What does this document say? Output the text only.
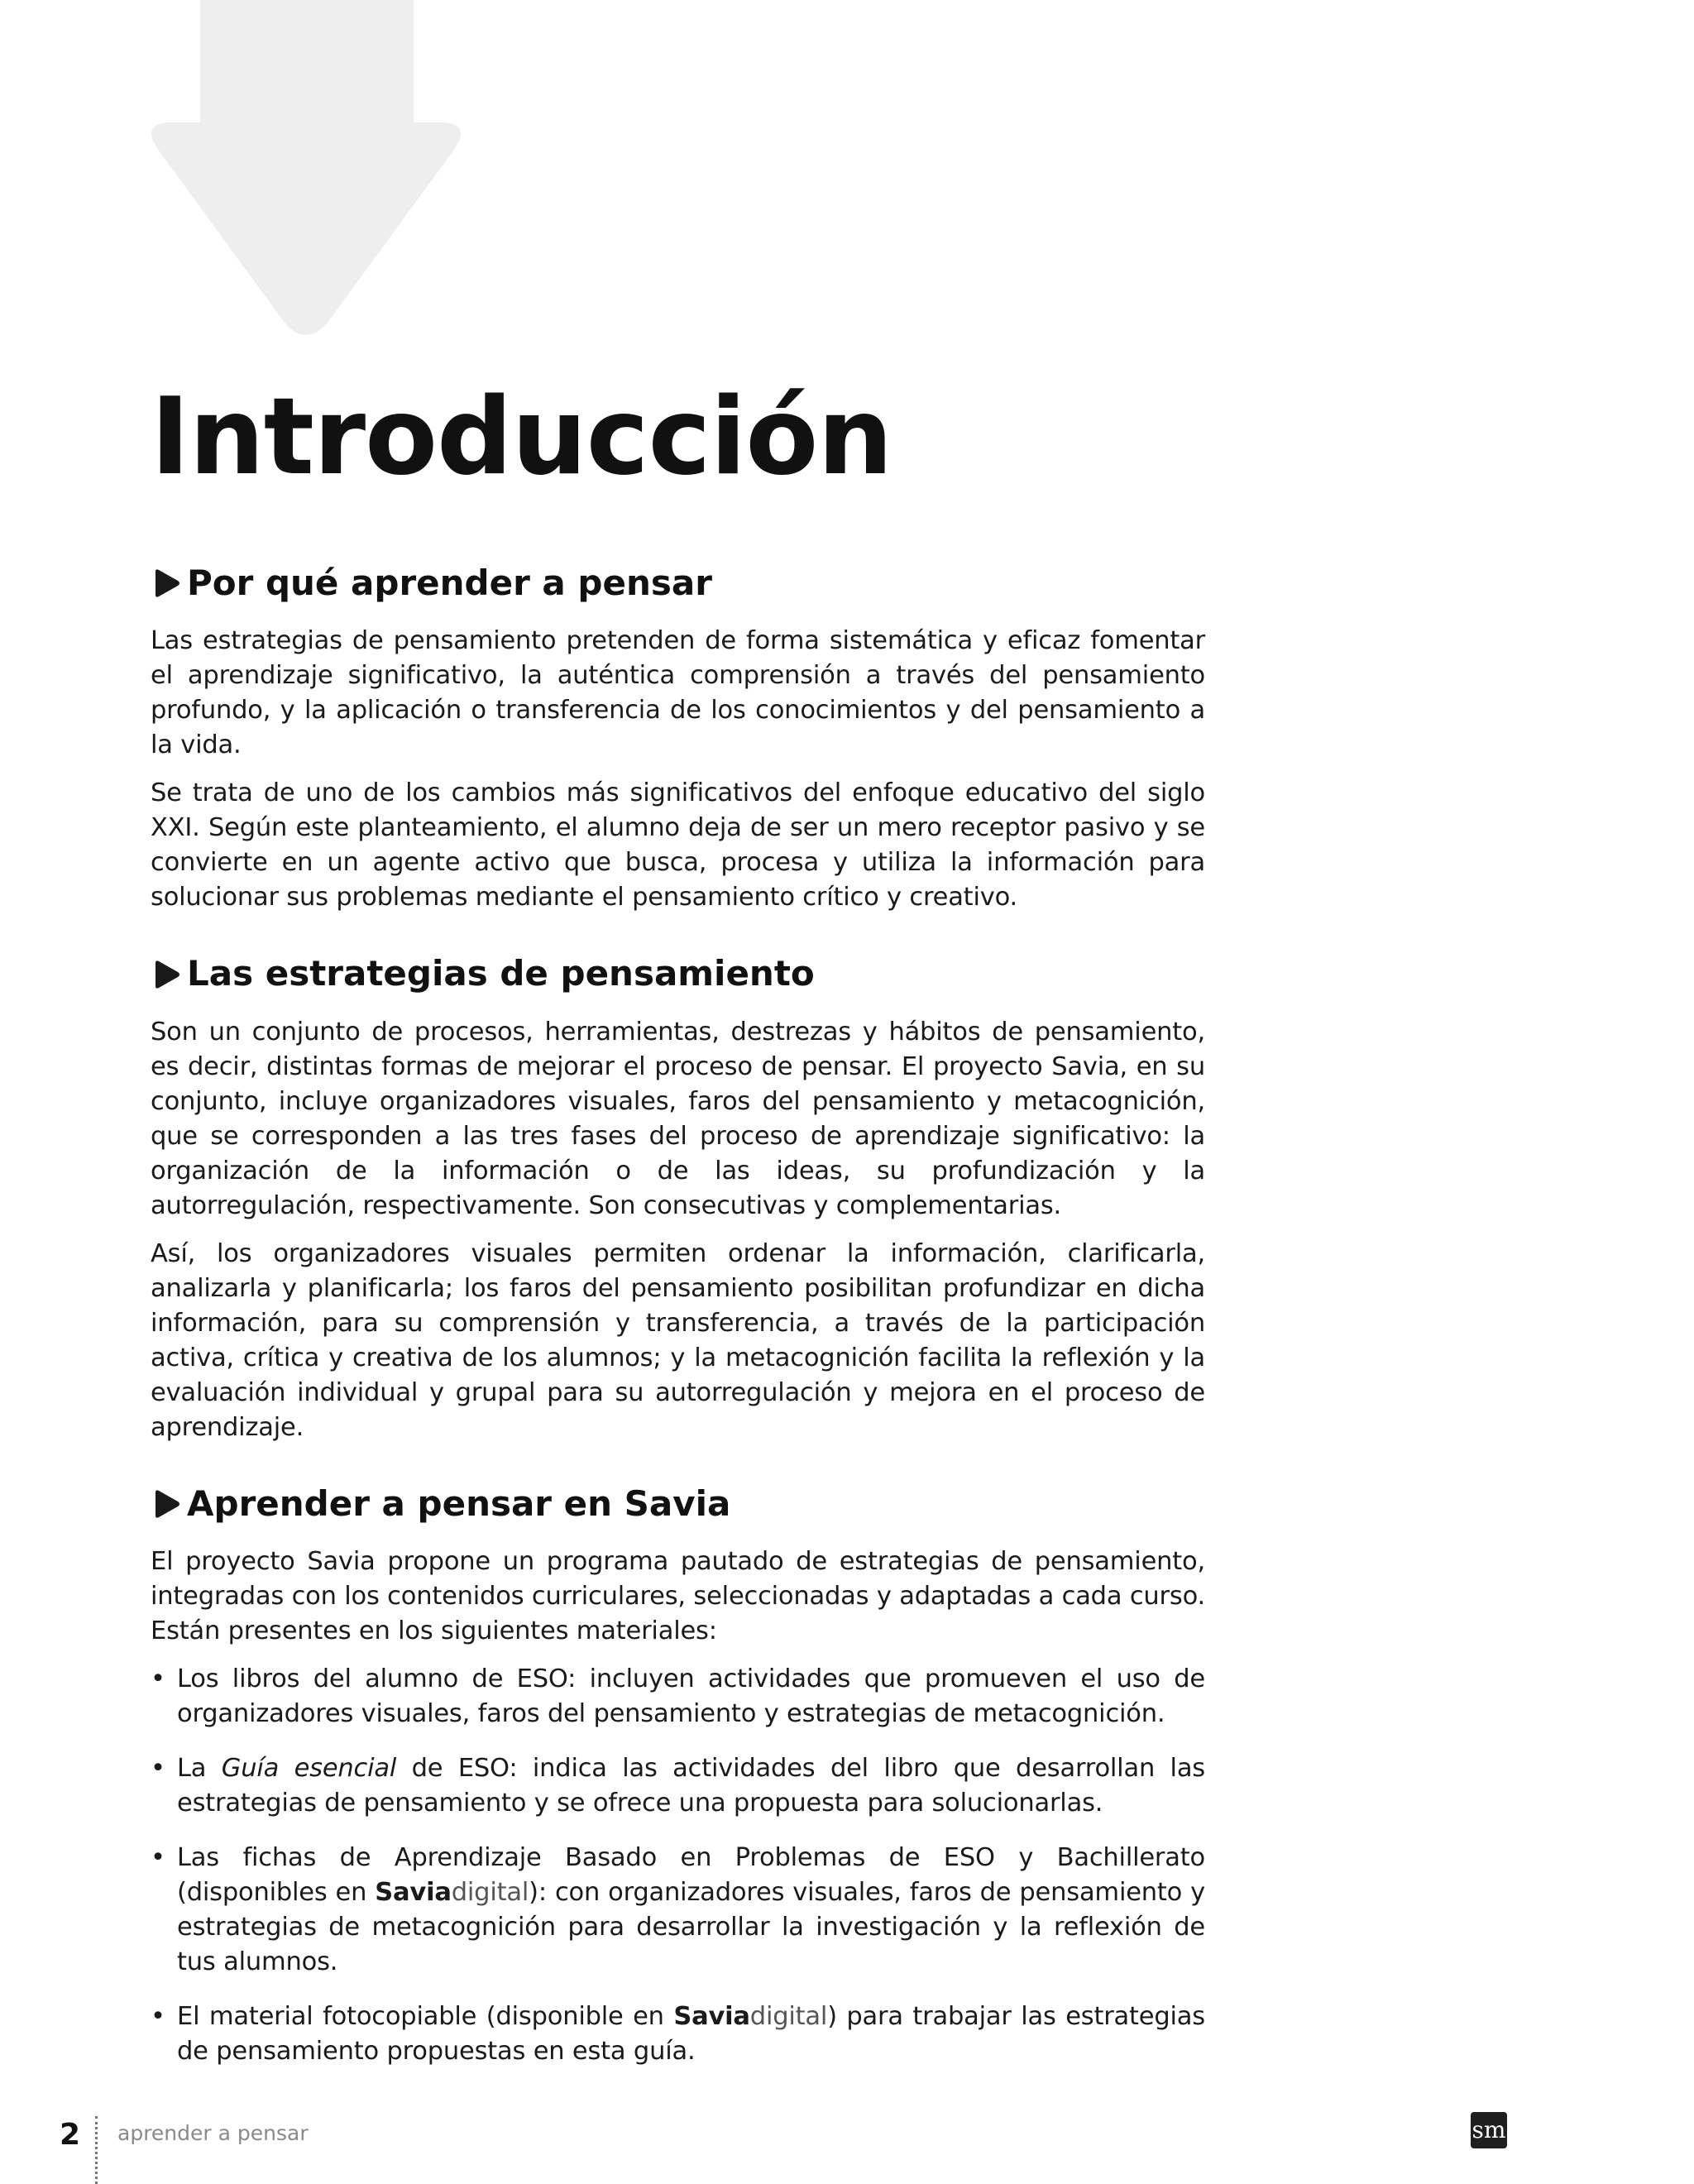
Introducción
Por qué aprender a pensar

Las estrategias de pensamiento pretenden de forma sistemática y eficaz fomentar el aprendizaje significativo, la auténtica comprensión a través del pensamiento profundo, y la aplicación o transferencia de los conocimientos y del pensamiento a la vida.

Se trata de uno de los cambios más significativos del enfoque educativo del siglo XXI. Según este planteamiento, el alumno deja de ser un mero receptor pasivo y se convierte en un agente activo que busca, procesa y utiliza la información para solucionar sus problemas mediante el pensamiento crítico y creativo.

Las estrategias de pensamiento

Son un conjunto de procesos, herramientas, destrezas y hábitos de pensamiento, es decir, distintas formas de mejorar el proceso de pensar. El proyecto Savia, en su conjunto, incluye organizadores visuales, faros del pensamiento y metacognición, que se corresponden a las tres fases del proceso de aprendizaje significativo: la organización de la información o de las ideas, su profundización y la autorregulación, respectivamente. Son consecutivas y complementarias.

Así, los organizadores visuales permiten ordenar la información, clarificarla, analizarla y planificarla; los faros del pensamiento posibilitan profundizar en dicha información, para su comprensión y transferencia, a través de la participación activa, crítica y creativa de los alumnos; y la metacognición facilita la reflexión y la evaluación individual y grupal para su autorregulación y mejora en el proceso de aprendizaje.

Aprender a pensar en Savia

El proyecto Savia propone un programa pautado de estrategias de pensamiento, integradas con los contenidos curriculares, seleccionadas y adaptadas a cada curso. Están presentes en los siguientes materiales:

• Los libros del alumno de ESO: incluyen actividades que promueven el uso de organizadores visuales, faros del pensamiento y estrategias de metacognición.
• La Guía esencial de ESO: indica las actividades del libro que desarrollan las estrategias de pensamiento y se ofrece una propuesta para solucionarlas.
• Las fichas de Aprendizaje Basado en Problemas de ESO y Bachillerato (disponibles en Saviadigital): con organizadores visuales, faros de pensamiento y estrategias de metacognición para desarrollar la investigación y la reflexión de tus alumnos.
• El material fotocopiable (disponible en Saviadigital) para trabajar las estrategias de pensamiento propuestas en esta guía.
2 aprender a pensar	sm
